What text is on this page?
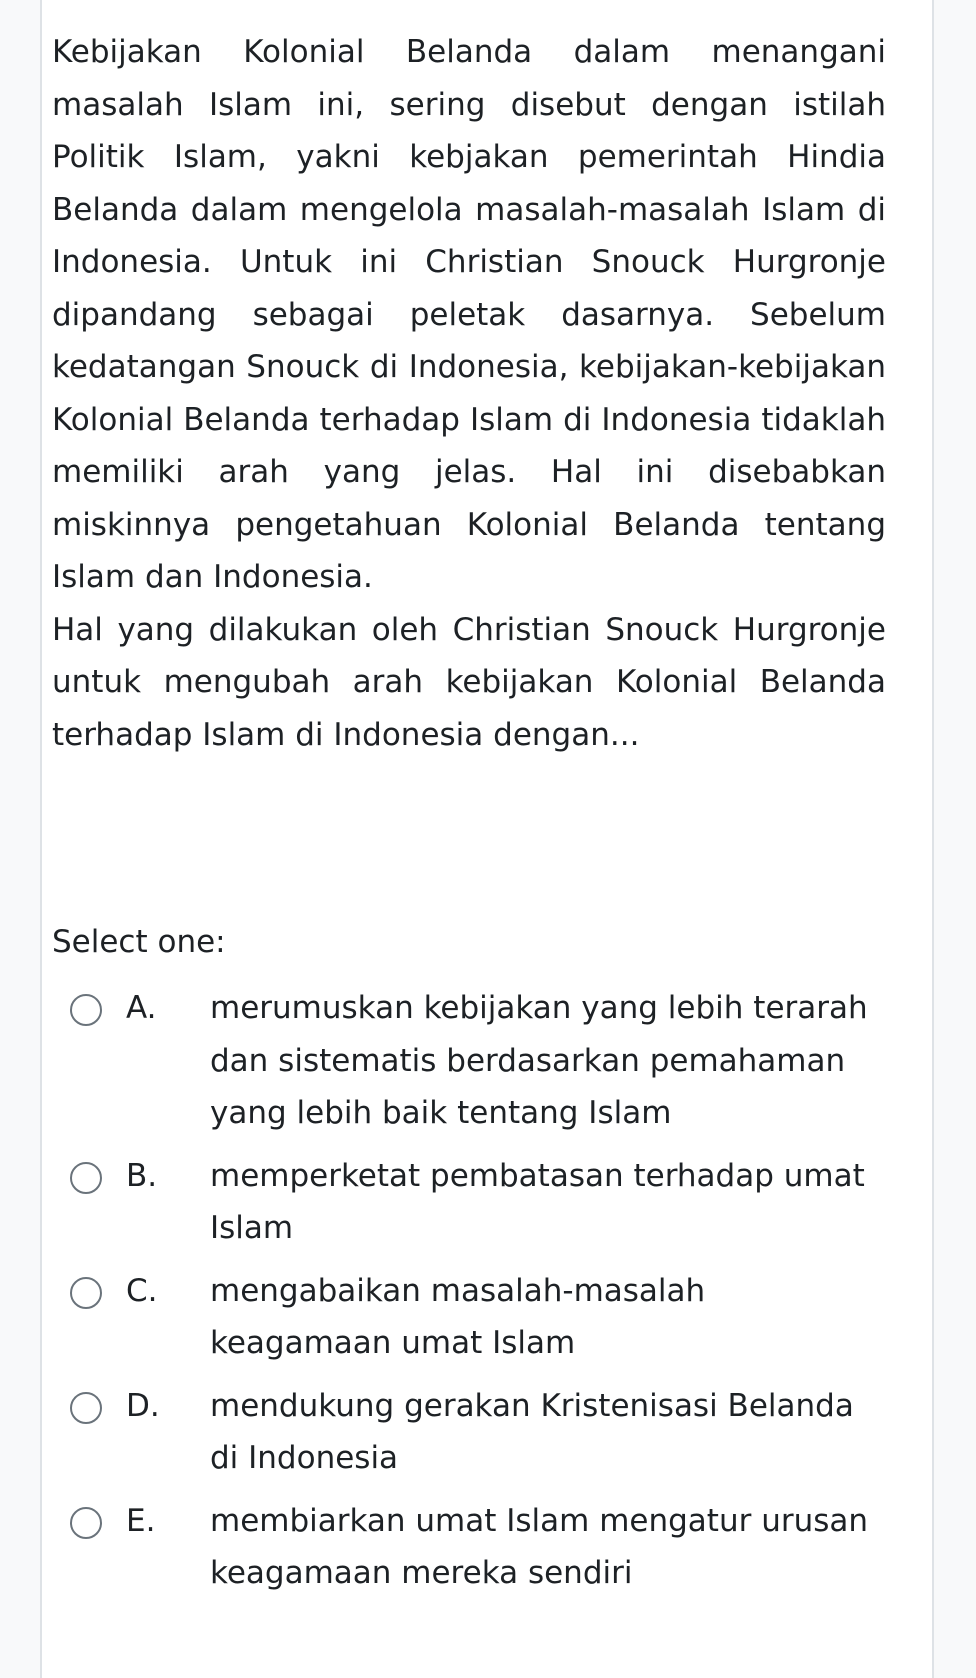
Kebijakan Kolonial Belanda dalam menangani masalah Islam ini, sering disebut dengan istilah Politik Islam, yakni kebjakan pemerintah Hindia Belanda dalam mengelola masalah-masalah Islam di Indonesia. Untuk ini Christian Snouck Hurgronje dipandang sebagai peletak dasarnya. Sebelum kedatangan Snouck di Indonesia, kebijakan-kebijakan Kolonial Belanda terhadap Islam di Indonesia tidaklah memiliki arah yang jelas. Hal ini disebabkan miskinnya pengetahuan Kolonial Belanda tentang Islam dan Indonesia.

Hal yang dilakukan oleh Christian Snouck Hurgronje untuk mengubah arah kebijakan Kolonial Belanda terhadap Islam di Indonesia dengan...

Select one:
A. merumuskan kebijakan yang lebih terarah dan sistematis berdasarkan pemahaman yang lebih baik tentang Islam
B. memperketat pembatasan terhadap umat Islam
C. mengabaikan masalah-masalah keagamaan umat Islam
D. mendukung gerakan Kristenisasi Belanda di Indonesia
E. membiarkan umat Islam mengatur urusan keagamaan mereka sendiri
